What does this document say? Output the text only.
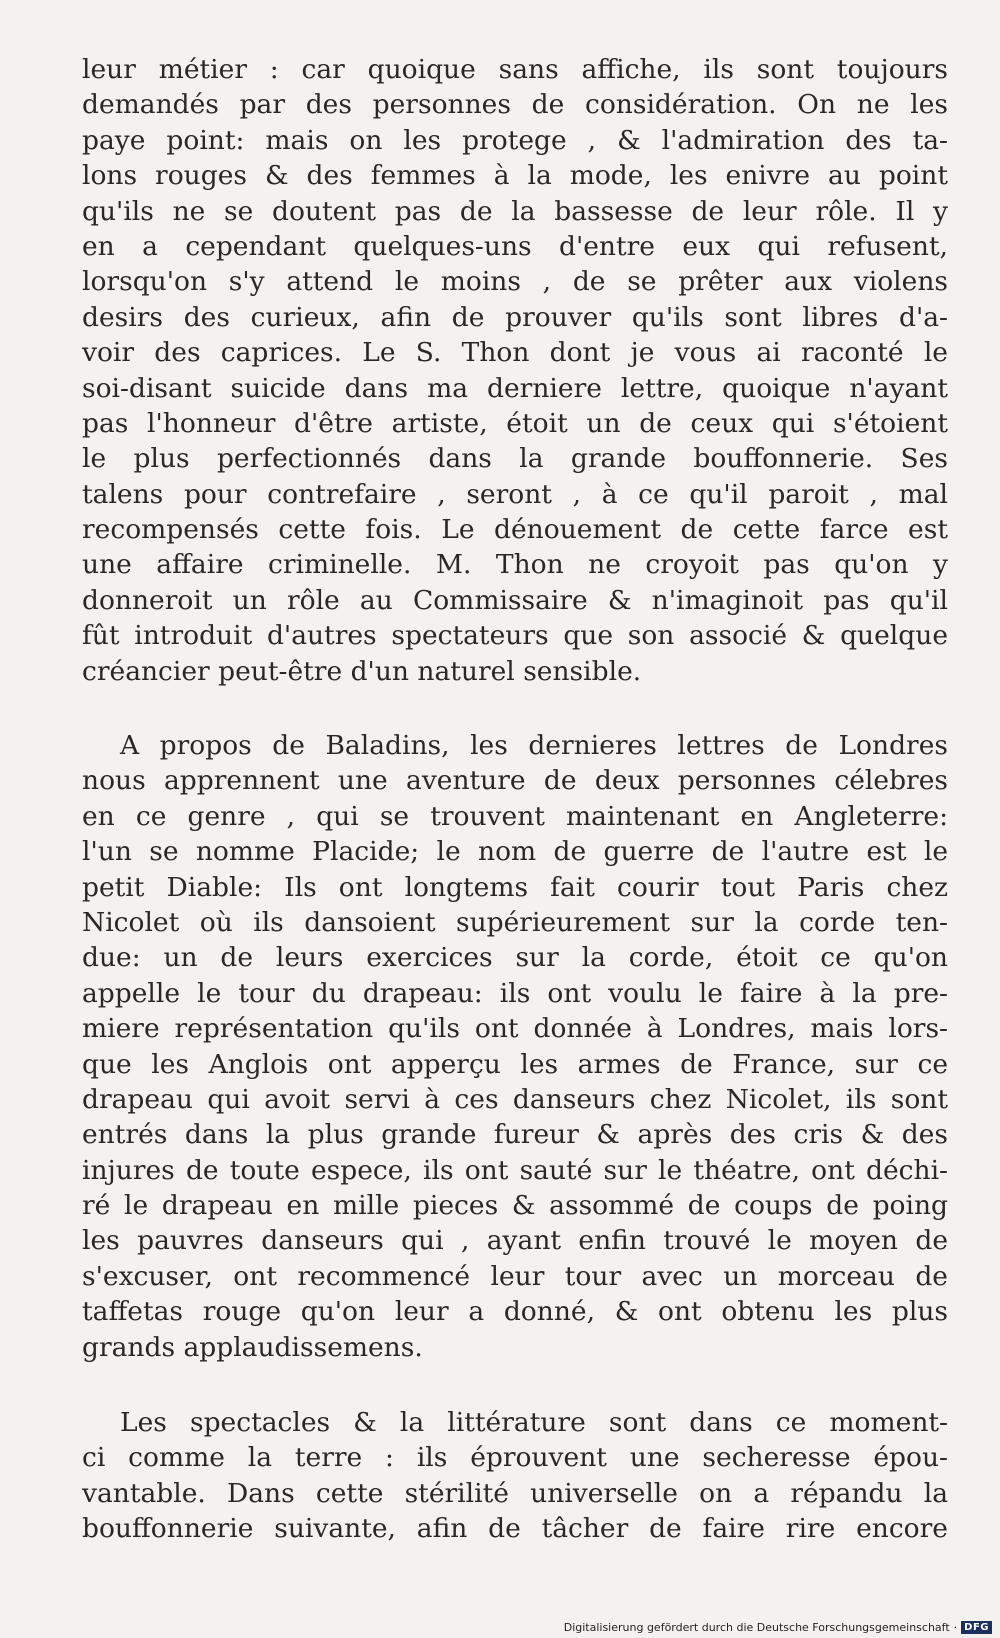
leur métier : car quoique sans affiche, ils sont toujours
demandés par des personnes de considération. On ne les
paye point: mais on les protege , & l'admiration des ta-
lons rouges & des femmes à la mode, les enivre au point
qu'ils ne se doutent pas de la bassesse de leur rôle. Il y
en a cependant quelques-uns d'entre eux qui refusent,
lorsqu'on s'y attend le moins , de se prêter aux violens
desirs des curieux, afin de prouver qu'ils sont libres d'a-
voir des caprices. Le S. Thon dont je vous ai raconté le
soi-disant suicide dans ma derniere lettre, quoique n'ayant
pas l'honneur d'être artiste, étoit un de ceux qui s'étoient
le plus perfectionnés dans la grande bouffonnerie. Ses
talens pour contrefaire , seront , à ce qu'il paroit , mal
recompensés cette fois. Le dénouement de cette farce est
une affaire criminelle. M. Thon ne croyoit pas qu'on y
donneroit un rôle au Commissaire & n'imaginoit pas qu'il
fût introduit d'autres spectateurs que son associé & quelque
créancier peut-être d'un naturel sensible.
A propos de Baladins, les dernieres lettres de Londres
nous apprennent une aventure de deux personnes célebres
en ce genre , qui se trouvent maintenant en Angleterre:
l'un se nomme Placide; le nom de guerre de l'autre est le
petit Diable: Ils ont longtems fait courir tout Paris chez
Nicolet où ils dansoient supérieurement sur la corde ten-
due: un de leurs exercices sur la corde, étoit ce qu'on
appelle le tour du drapeau: ils ont voulu le faire à la pre-
miere représentation qu'ils ont donnée à Londres, mais lors-
que les Anglois ont apperçu les armes de France, sur ce
drapeau qui avoit servi à ces danseurs chez Nicolet, ils sont
entrés dans la plus grande fureur & après des cris & des
injures de toute espece, ils ont sauté sur le théatre, ont déchi-
ré le drapeau en mille pieces & assommé de coups de poing
les pauvres danseurs qui , ayant enfin trouvé le moyen de
s'excuser, ont recommencé leur tour avec un morceau de
taffetas rouge qu'on leur a donné, & ont obtenu les plus
grands applaudissemens.
Les spectacles & la littérature sont dans ce moment-
ci comme la terre : ils éprouvent une secheresse épou-
vantable. Dans cette stérilité universelle on a répandu la
bouffonnerie suivante, afin de tâcher de faire rire encore
Digitalisierung gefördert durch die Deutsche Forschungsgemeinschaft · DFG
